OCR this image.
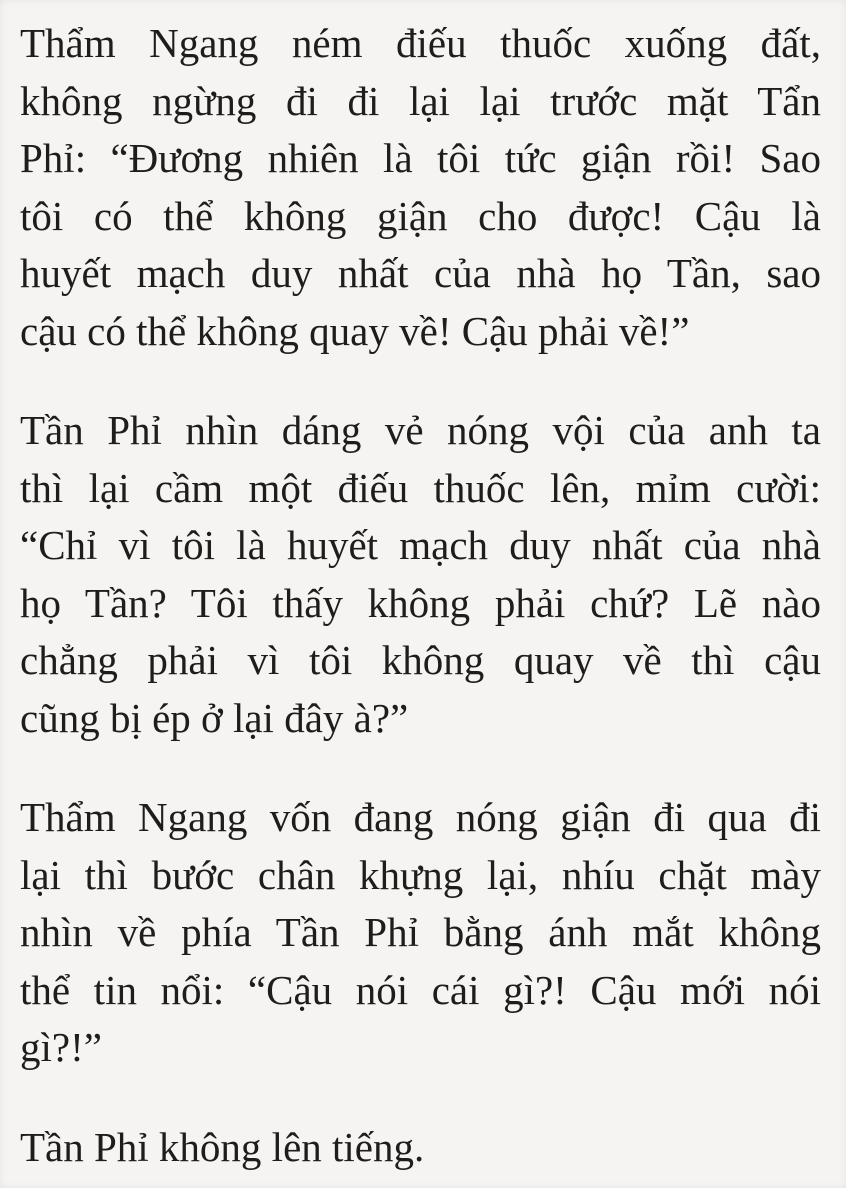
Thẩm Ngang ném điếu thuốc xuống đất,
không ngừng đi đi lại lại trước mặt Tẩn
Phỉ: “Đương nhiên là tôi tức giận rồi! Sao
tôi có thể không giận cho được! Cậu là
huyết mạch duy nhất của nhà họ Tần, sao
cậu có thể không quay về! Cậu phải về!”
Tần Phỉ nhìn dáng vẻ nóng vội của anh ta
thì lại cầm một điếu thuốc lên, mỉm cười:
“Chỉ vì tôi là huyết mạch duy nhất của nhà
họ Tần? Tôi thấy không phải chứ? Lẽ nào
chẳng phải vì tôi không quay về thì cậu
cũng bị ép ở lại đây à?”
Thẩm Ngang vốn đang nóng giận đi qua đi
lại thì bước chân khựng lại, nhíu chặt mày
nhìn về phía Tần Phỉ bằng ánh mắt không
thể tin nổi: “Cậu nói cái gì?! Cậu mới nói
gì?!”
Tần Phỉ không lên tiếng.
